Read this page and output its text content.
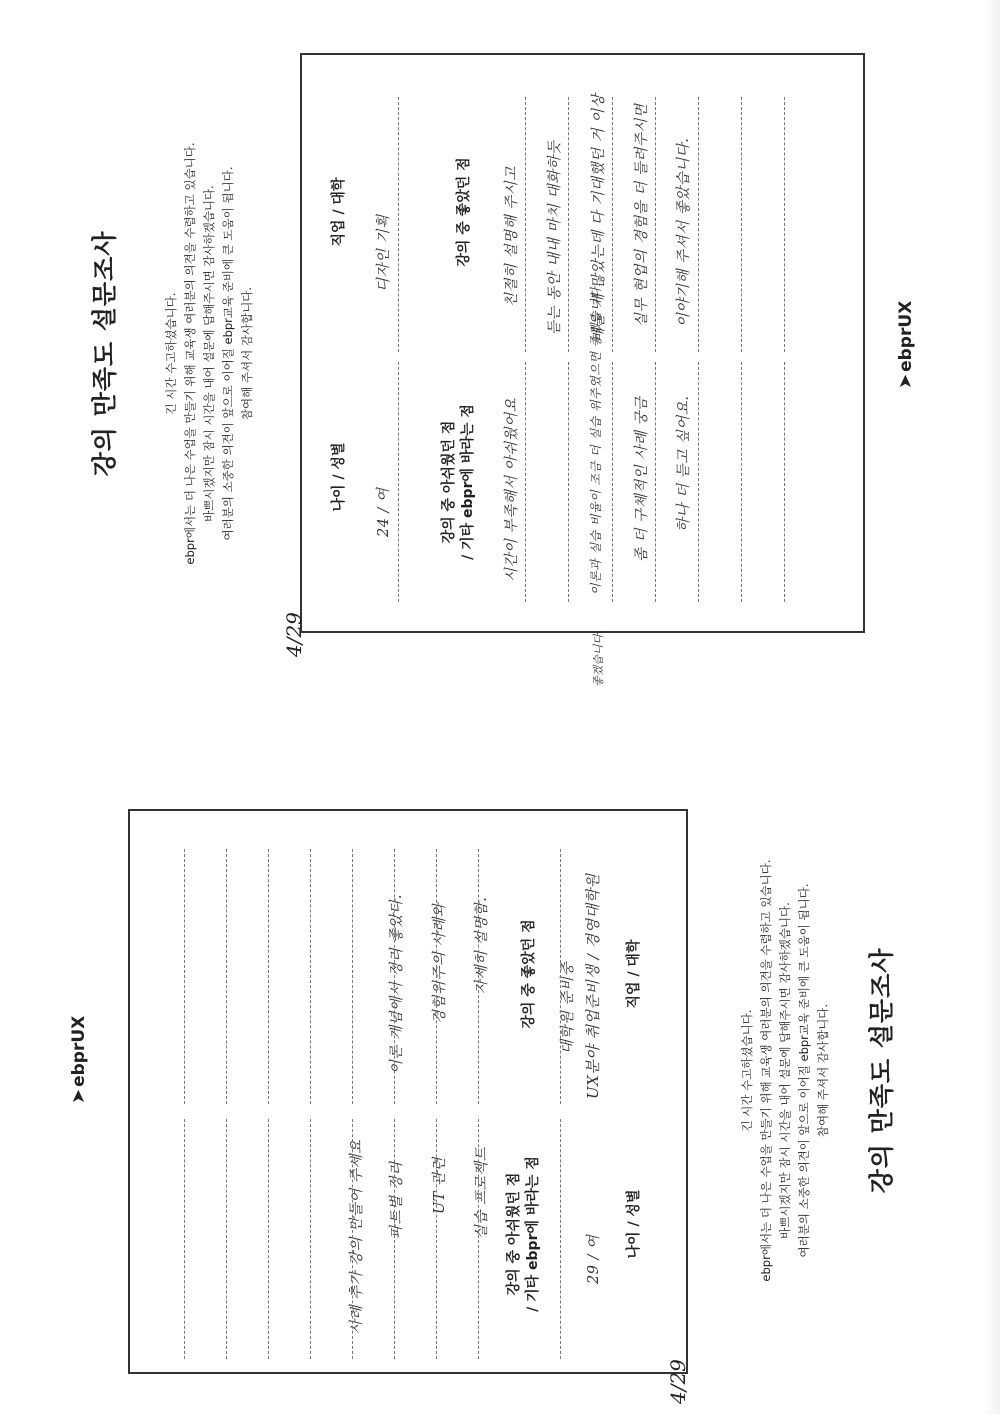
강의 만족도 설문조사	긴 시간 수고하셨습니다. ebpr에서는 더 나은 수업을 만들기 위해 교육생 여러분의 의견을 수렴하고 있습니다. 바쁘시겠지만 잠시 시간을 내어 설문에 답해주시면 감사하겠습니다. 여러분의 소중한 의견이 앞으로 이어질 ebpr교육 준비에 큰 도움이 됩니다. 참여해 주셔서 감사합니다.

4/29
직업 / 대학
나이 / 성별
디자인 기획
24 / 여
강의 중 좋았던 점
강의 중 아쉬웠던 점 / 기타 ebpr에 바라는 점
친절히 설명해 주시고 듣는 동안 내내 마치 대화하듯 배울 게 많았는데 다 기대했던 거 이상 실무 현업의 경험을 더 들려주시면 이야기해 주셔서 좋았습니다.
시간이 부족해서 아쉬웠어요	이론과 실습 비율이 조금 더 실습 위주였으면 좋겠습니다. 좀 더 구체적인 사례 궁금 하나 더 듣고 싶어요.
좋겠습니다.
➤ebprUX
강의 만족도 설문조사

긴 시간 수고하셨습니다. ebpr에서는 더 나은 수업을 만들기 위해 교육생 여러분의 의견을 수렴하고 있습니다. 바쁘시겠지만 잠시 시간을 내어 설문에 답해주시면 감사하겠습니다. 여러분의 소중한 의견이 앞으로 이어질 ebpr교육 준비에 큰 도움이 됩니다. 참여해 주셔서 감사합니다.

4/29
직업 / 대학
나이 / 성별
UX분야 취업준비생 / 경영대학원
대학원 준비중
29 / 여
강의 중 좋았던 점
강의 중 아쉬웠던 점 / 기타 ebpr에 바라는 점
자세히 설명함.
경험위주의 사례와
이론 개념에서 정리 좋았다.
실습 프로젝트
UT 관련
파트별 정리
사례 추가 강의 만들어 주세요
➤ebprUX
